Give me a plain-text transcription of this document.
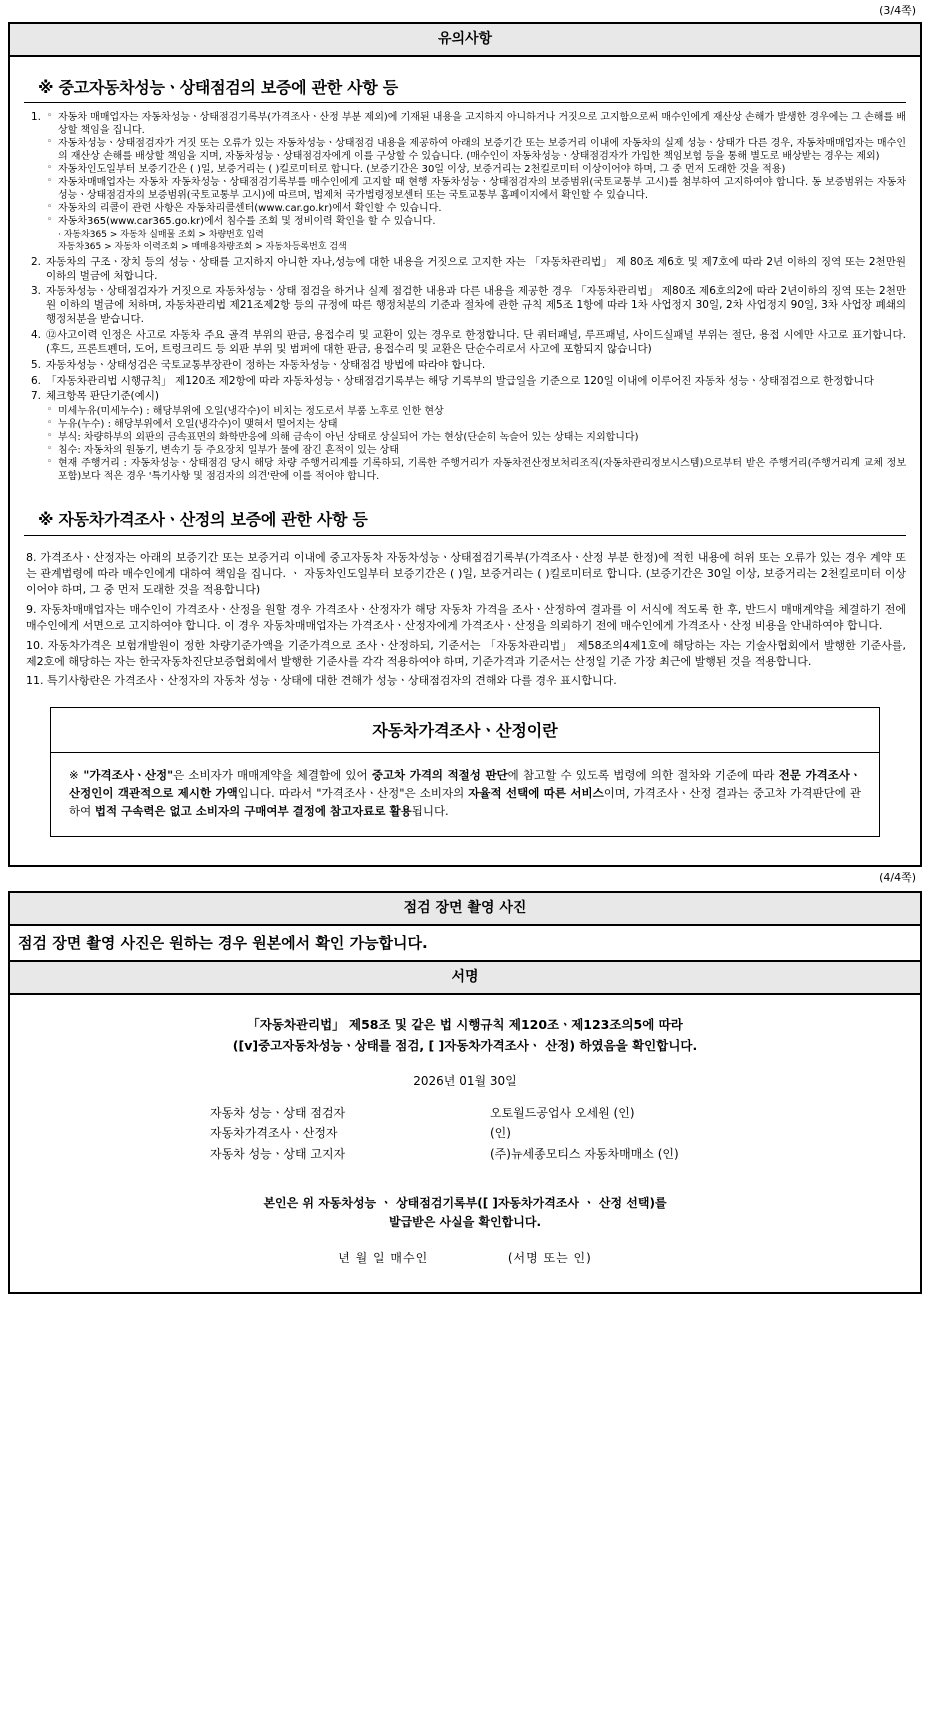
(3/4쪽)
유의사항
※ 중고자동차성능ㆍ상태점검의 보증에 관한 사항 등
1.	◦ 자동차 매매업자는 자동차성능ㆍ상태점검기록부(가격조사ㆍ산정 부분 제외)에 기재된 내용을 고지하지 아니하거나 거짓으로 고지함으로써 매수인에게 재산상 손해가 발생한 경우에는 그 손해를 배상할 책임을 집니다.
◦ 자동차성능ㆍ상태점검자가 거짓 또는 오류가 있는 자동차성능ㆍ상태점검 내용을 제공하여 아래의 보증기간 또는 보증거리 이내에 자동차의 실제 성능ㆍ상태가 다른 경우, 자동차매매업자는 매수인의 재산상 손해를 배상할 책임을 지며, 자동차성능ㆍ상태점검자에게 이를 구상할 수 있습니다. (매수인이 자동차성능ㆍ상태점검자가 가입한 책임보험 등을 통해 별도로 배상받는 경우는 제외)
◦ 자동차인도일부터 보증기간은 ( )일, 보증거리는 ( )킬로미터로 합니다. (보증기간은 30일 이상, 보증거리는 2천킬로미터 이상이어야 하며, 그 중 먼저 도래한 것을 적용)
◦ 자동차매매업자는 자동차 자동차성능ㆍ상태점검기록부를 매수인에게 고지할 때 현행 자동차성능ㆍ상태점검자의 보증범위(국토교통부 고시)를 첨부하여 고지하여야 합니다. 동 보증범위는 자동차성능ㆍ상태점검자의 보증범위(국토교통부 고시)에 따르며, 법제처 국가법령정보센터 또는 국토교통부 홈페이지에서 확인할 수 있습니다.
◦ 자동차의 리콜이 관련 사항은 자동차리콜센터(www.car.go.kr)에서 확인할 수 있습니다.
◦ 자동차365(www.car365.go.kr)에서 침수를 조회 및 정비이력 확인을 할 수 있습니다.
· 자동차365 > 자동차 실매물 조회 > 차량번호 입력
자동차365 > 자동차 이력조회 > 매매용차량조회 > 자동차등록번호 검색
2. 자동차의 구조ㆍ장치 등의 성능ㆍ상태를 고지하지 아니한 자나,성능에 대한 내용을 거짓으로 고지한 자는 「자동차관리법」 제 80조 제6호 및 제7호에 따라 2년 이하의 징역 또는 2천만원 이하의 벌금에 처합니다.
3. 자동차성능ㆍ상태점검자가 거짓으로 자동차성능ㆍ상태 점검을 하거나 실제 점검한 내용과 다른 내용을 제공한 경우 「자동차관리법」 제80조 제6호의2에 따라 2년이하의 징역 또는 2천만원 이하의 벌금에 처하며, 자동차관리법 제21조제2항 등의 규정에 따른 행정처분의 기준과 절차에 관한 규칙 제5조 1항에 따라 1차 사업정지 30일, 2차 사업정지 90일, 3차 사업장 폐쇄의 행정처분을 받습니다.
4. ⑫사고이력 인정은 사고로 자동차 주요 골격 부위의 판금, 용접수리 및 교환이 있는 경우로 한정합니다. 단 쿼터패널, 루프패널, 사이드실패널 부위는 절단, 용접 시에만 사고로 표기합니다. (후드, 프론트펜더, 도어, 트렁크리드 등 외판 부위 및 범퍼에 대한 판금, 용접수리 및 교환은 단순수리로서 사고에 포함되지 않습니다)
5. 자동차성능ㆍ상태성검은 국토교통부장관이 정하는 자동차성능ㆍ상태점검 방법에 따라야 합니다.
6. 「자동차관리법 시행규칙」 제120조 제2항에 따라 자동차성능ㆍ상태점검기록부는 해당 기록부의 발급일을 기준으로 120일 이내에 이루어진 자동차 성능ㆍ상태점검으로 한정합니다
7. 체크항목 판단기준(예시)
◦ 미세누유(미세누수) : 해당부위에 오일(냉각수)이 비치는 정도로서 부품 노후로 인한 현상
◦ 누유(누수) : 해당부위에서 오일(냉각수)이 맺혀서 떨어지는 상태
◦ 부식: 차량하부의 외판의 금속표면의 화학반응에 의해 금속이 아닌 상태로 상실되어 가는 현상(단순히 녹슬어 있는 상태는 지외합니다)
◦ 침수: 자동차의 원동기, 변속기 등 주요장치 일부가 물에 잠긴 흔적이 있는 상태
◦ 현재 주행거리 : 자동차성능ㆍ상태점검 당시 해당 차량 주행거리계를 기록하되, 기록한 주행거리가 자동차전산정보처리조직(자동차관리정보시스템)으로부터 받은 주행거리(주행거리계 교체 정보 포함)보다 적은 경우 '특기사항 및 점검자의 의견'란에 이를 적어야 합니다.
※ 자동차가격조사ㆍ산정의 보증에 관한 사항 등

8. 가격조사ㆍ산정자는 아래의 보증기간 또는 보증거리 이내에 중고자동차 자동차성능ㆍ상태점검기록부(가격조사ㆍ산정 부분 한정)에 적힌 내용에 허위 또는 오류가 있는 경우 계약 또는 관계법령에 따라 매수인에게 대하여 책임을 집니다. ㆍ 자동차인도일부터 보증기간은 ( )일, 보증거리는 ( )킬로미터로 합니다. (보증기간은 30일 이상, 보증거리는 2천킬로미터 이상이어야 하며, 그 중 먼저 도래한 것을 적용합니다)

9. 자동차매매업자는 매수인이 가격조사ㆍ산정을 원할 경우 가격조사ㆍ산정자가 해당 자동차 가격을 조사ㆍ산정하여 결과를 이 서식에 적도록 한 후, 반드시 매매계약을 체결하기 전에 매수인에게 서면으로 고지하여야 합니다. 이 경우 자동차매매업자는 가격조사ㆍ산정자에게 가격조사ㆍ산정을 의뢰하기 전에 매수인에게 가격조사ㆍ산정 비용을 안내하여야 합니다.

10. 자동차가격은 보험개발원이 정한 차량기준가액을 기준가격으로 조사ㆍ산정하되, 기준서는 「자동차관리법」 제58조의4제1호에 해당하는 자는 기술사협회에서 발행한 기준사를, 제2호에 해당하는 자는 한국자동차진단보증협회에서 발행한 기준사를 각각 적용하여야 하며, 기준가격과 기준서는 산정일 기준 가장 최근에 발행된 것을 적용합니다.

11. 특기사항란은 가격조사ㆍ산정자의 자동차 성능ㆍ상태에 대한 견해가 성능ㆍ상태점검자의 견해와 다를 경우 표시합니다.

자동차가격조사ㆍ산정이란
※ "가격조사ㆍ산정"은 소비자가 매매계약을 체결함에 있어 중고차 가격의 적절성 판단에 참고할 수 있도록 법령에 의한 절차와 기준에 따라 전문 가격조사ㆍ산정인이 객관적으로 제시한 가액입니다. 따라서 "가격조사ㆍ산정"은 소비자의 자율적 선택에 따른 서비스이며, 가격조사ㆍ산정 결과는 중고차 가격판단에 관하여 법적 구속력은 없고 소비자의 구매여부 결정에 참고자료로 활용됩니다.
(4/4쪽)
점검 장면 촬영 사진
점검 장면 촬영 사진은 원하는 경우 원본에서 확인 가능합니다.
서명
「자동차관리법」 제58조 및 같은 법 시행규칙 제120조ㆍ제123조의5에 따라
([ⅴ]중고자동차성능ㆍ상태를 점검, [ ]자동차가격조사ㆍ 산정) 하였음을 확인합니다.
2026년 01월 30일
자동차 성능ㆍ상태 점검자	오토월드공업사 오세원 (인)
자동차가격조사ㆍ산정자	(인)
자동차 성능ㆍ상태 고지자	(주)뉴세종모티스 자동차매매소 (인)
본인은 위 자동차성능 ㆍ 상태점검기록부([ ]자동차가격조사 ㆍ 산정 선택)를
발급받은 사실을 확인합니다.
년 월 일 매수인	(서명 또는 인)
